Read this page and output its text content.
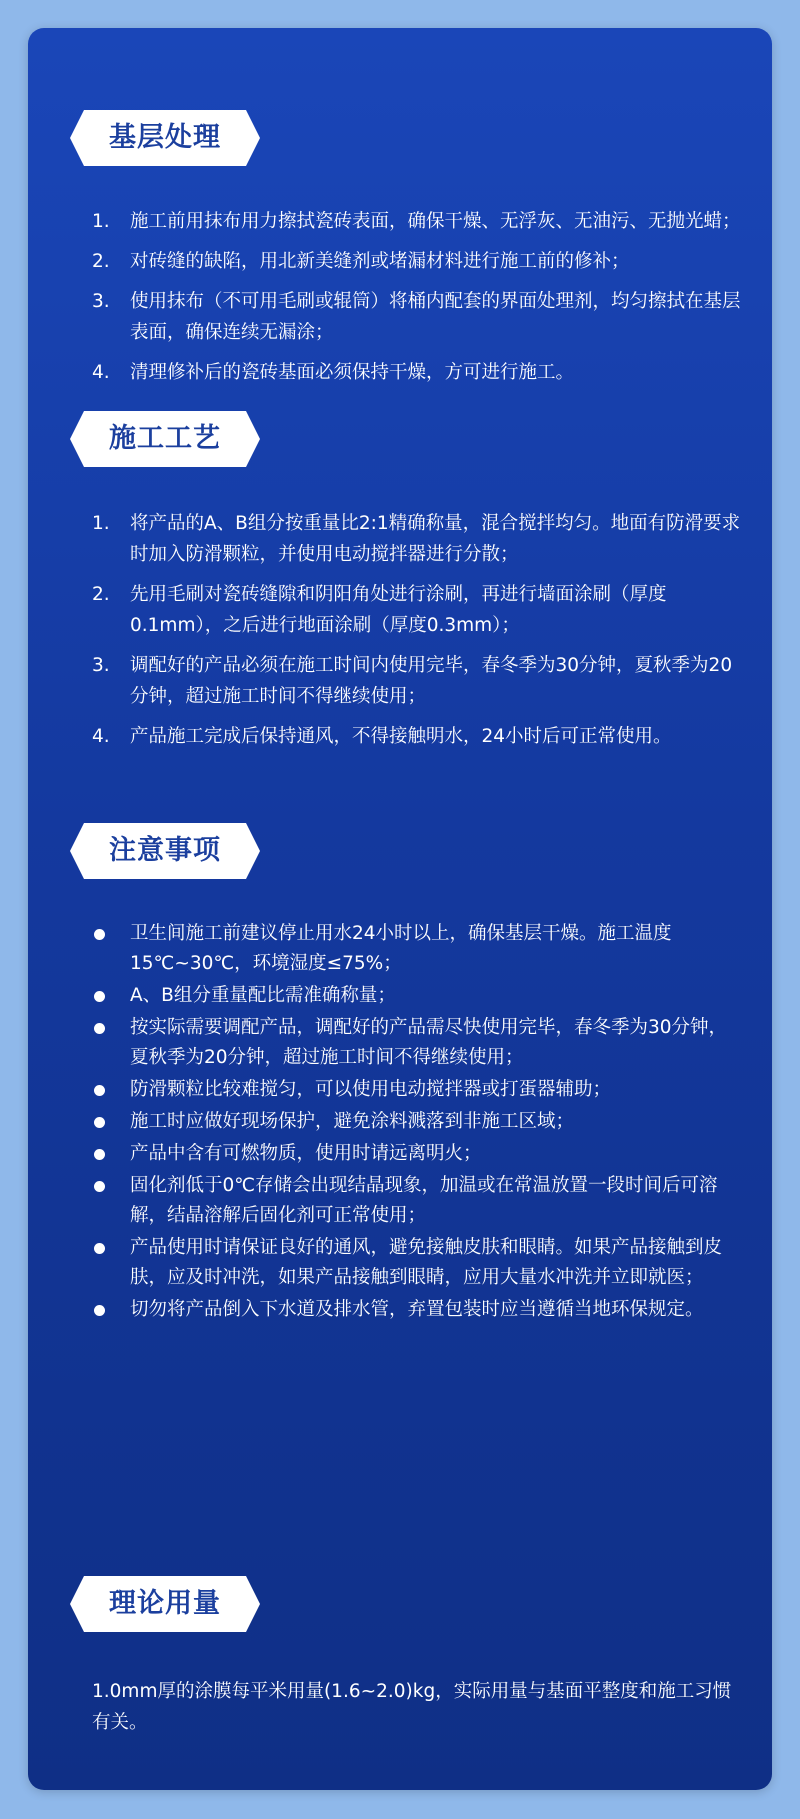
基层处理
1.	施工前用抹布用力擦拭瓷砖表面，确保干燥、无浮灰、无油污、无抛光蜡；
2.	对砖缝的缺陷，用北新美缝剂或堵漏材料进行施工前的修补；
3.	使用抹布（不可用毛刷或辊筒）将桶内配套的界面处理剂，均匀擦拭在基层表面，确保连续无漏涂；
4.	清理修补后的瓷砖基面必须保持干燥，方可进行施工。
施工工艺
1.	将产品的A、B组分按重量比2:1精确称量，混合搅拌均匀。地面有防滑要求时加入防滑颗粒，并使用电动搅拌器进行分散；
2.	先用毛刷对瓷砖缝隙和阴阳角处进行涂刷，再进行墙面涂刷（厚度0.1mm），之后进行地面涂刷（厚度0.3mm）；
3.	调配好的产品必须在施工时间内使用完毕，春冬季为30分钟，夏秋季为20分钟，超过施工时间不得继续使用；
4.	产品施工完成后保持通风，不得接触明水，24小时后可正常使用。
注意事项
卫生间施工前建议停止用水24小时以上，确保基层干燥。施工温度15℃~30℃，环境湿度≤75%；
A、B组分重量配比需准确称量；
按实际需要调配产品，调配好的产品需尽快使用完毕，春冬季为30分钟，夏秋季为20分钟，超过施工时间不得继续使用；
防滑颗粒比较难搅匀，可以使用电动搅拌器或打蛋器辅助；
施工时应做好现场保护，避免涂料溅落到非施工区域；
产品中含有可燃物质，使用时请远离明火；
固化剂低于0℃存储会出现结晶现象，加温或在常温放置一段时间后可溶解，结晶溶解后固化剂可正常使用；
产品使用时请保证良好的通风，避免接触皮肤和眼睛。如果产品接触到皮肤，应及时冲洗，如果产品接触到眼睛，应用大量水冲洗并立即就医；
切勿将产品倒入下水道及排水管，弃置包装时应当遵循当地环保规定。
理论用量
1.0mm厚的涂膜每平米用量(1.6~2.0)kg，实际用量与基面平整度和施工习惯有关。
